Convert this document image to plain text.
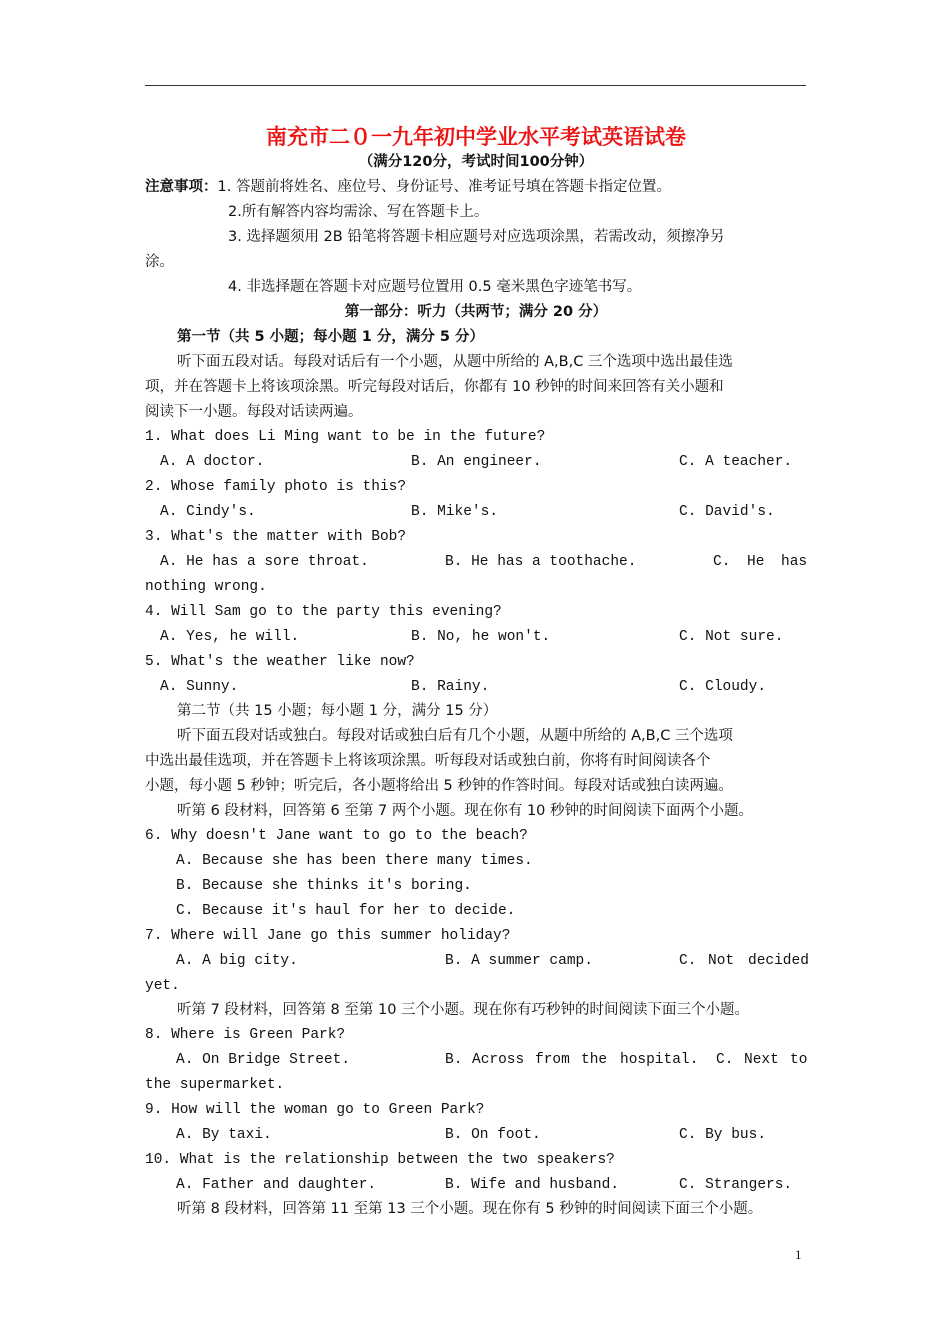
南充市二０一九年初中学业水平考试英语试卷
（满分120分，考试时间100分钟）
注意事项：1. 答题前将姓名、座位号、身份证号、准考证号填在答题卡指定位置。
2.所有解答内容均需涂、写在答题卡上。
3. 选择题须用 2B 铅笔将答题卡相应题号对应选项涂黑，若需改动，须擦净另
涂。
4. 非选择题在答题卡对应题号位置用 0.5 毫米黑色字迹笔书写。
第一部分：听力（共两节；满分 20 分）
第一节（共 5 小题；每小题 1 分，满分 5 分）
听下面五段对话。每段对话后有一个小题，从题中所给的 A,B,C 三个选项中选出最佳选
项，并在答题卡上将该项涂黑。听完每段对话后，你都有 10 秒钟的时间来回答有关小题和
阅读下一小题。每段对话读两遍。
1. What does Li Ming want to be in the future?
A. A doctor.	B. An engineer.	C. A teacher.
2. Whose family photo is this?
A. Cindy's.	B. Mike's.	C. David's.
3. What's the matter with Bob?
A. He has a sore throat.	B. He has a toothache.	C. He has
nothing wrong.
4. Will Sam go to the party this evening?
A. Yes, he will.	B. No, he won't.	C. Not sure.
5. What's the weather like now?
A. Sunny.	B. Rainy.	C. Cloudy.
第二节（共 15 小题；每小题 1 分，满分 15 分）
听下面五段对话或独白。每段对话或独白后有几个小题，从题中所给的 A,B,C 三个选项
中选出最佳选项，并在答题卡上将该项涂黑。听每段对话或独白前，你将有时间阅读各个
小题，每小题 5 秒钟；听完后，各小题将给出 5 秒钟的作答时间。每段对话或独白读两遍。
听第 6 段材料，回答第 6 至第 7 两个小题。现在你有 10 秒钟的时间阅读下面两个小题。
6. Why doesn't Jane want to go to the beach?
A. Because she has been there many times.
B. Because she thinks it's boring.
C. Because it's haul for her to decide.
7. Where will Jane go this summer holiday?
A. A big city.	B. A summer camp.	C. Not decided
yet.
听第 7 段材料，回答第 8 至第 10 三个小题。现在你有巧秒钟的时间阅读下面三个小题。
8. Where is Green Park?
A. On Bridge Street.	B. Across from the hospital. C. Next to
the supermarket.
9. How will the woman go to Green Park?
A. By taxi.	B. On foot.	C. By bus.
10. What is the relationship between the two speakers?
A. Father and daughter.	B. Wife and husband.	C. Strangers.
听第 8 段材料，回答第 11 至第 13 三个小题。现在你有 5 秒钟的时间阅读下面三个小题。
1
